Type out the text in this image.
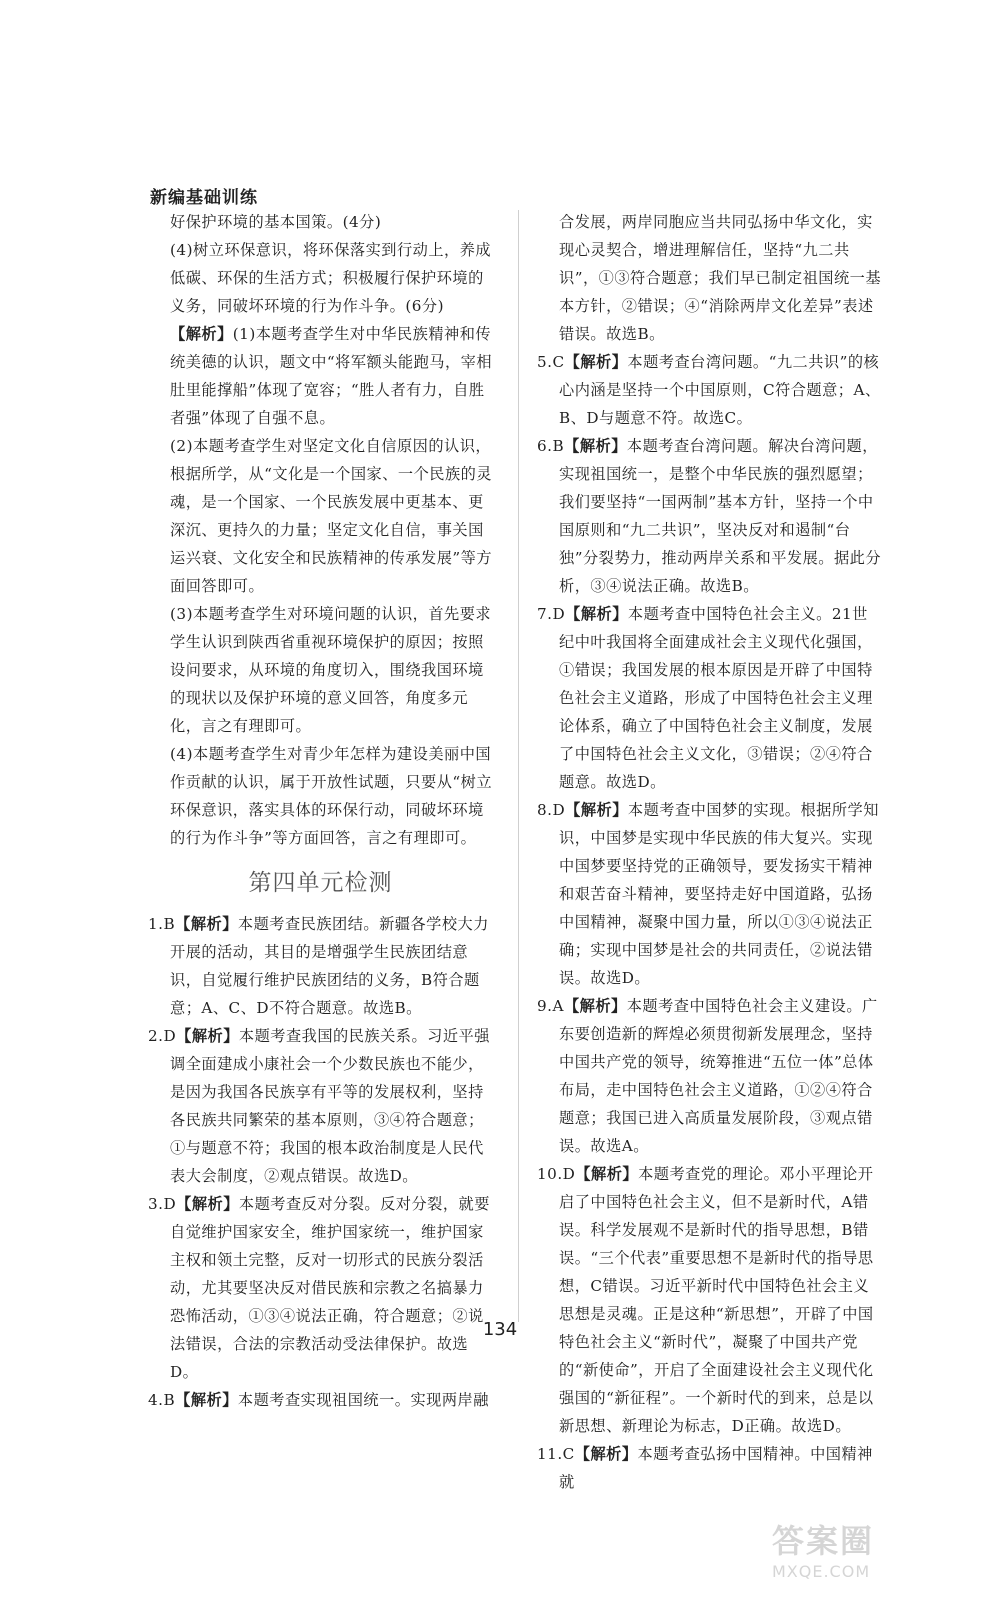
新编基础训练
好保护环境的基本国策。(4分)
(4)树立环保意识，将环保落实到行动上，养成低碳、环保的生活方式；积极履行保护环境的义务，同破坏环境的行为作斗争。(6分)
【 解析 】 (1)本题考查学生对中华民族精神和传统美德的认识，题文中“将军额头能跑马，宰相肚里能撑船”体现了宽容；“胜人者有力，自胜者强”体现了自强不息。
(2)本题考查学生对坚定文化自信原因的认识，根据所学，从“文化是一个国家、一个民族的灵魂，是一个国家、一个民族发展中更基本、更深沉、更持久的力量；坚定文化自信，事关国运兴衰、文化安全和民族精神的传承发展”等方面回答即可。
(3)本题考查学生对环境问题的认识，首先要求学生认识到陕西省重视环境保护的原因；按照设问要求，从环境的角度切入，围绕我国环境的现状以及保护环境的意义回答，角度多元化，言之有理即可。
(4)本题考查学生对青少年怎样为建设美丽中国作贡献的认识，属于开放性试题，只要从“树立环保意识，落实具体的环保行动，同破坏环境的行为作斗争”等方面回答，言之有理即可。
第四单元检测
1.B 【 解析 】 本题考查民族团结。新疆各学校大力开展的活动，其目的是增强学生民族团结意识，自觉履行维护民族团结的义务，B符合题意；A、C、D不符合题意。故选B。
2.D 【 解析 】 本题考查我国的民族关系。习近平强调全面建成小康社会一个少数民族也不能少，是因为我国各民族享有平等的发展权利，坚持各民族共同繁荣的基本原则，③④符合题意；①与题意不符；我国的根本政治制度是人民代表大会制度，②观点错误。故选D。
3.D 【 解析 】 本题考查反对分裂。反对分裂，就要自觉维护国家安全，维护国家统一，维护国家主权和领土完整，反对一切形式的民族分裂活动，尤其要坚决反对借民族和宗教之名搞暴力恐怖活动，①③④说法正确，符合题意；②说法错误，合法的宗教活动受法律保护。故选D。
4.B 【 解析 】 本题考查实现祖国统一。实现两岸融
合发展，两岸同胞应当共同弘扬中华文化，实现心灵契合，增进理解信任，坚持“九二共识”，①③符合题意；我们早已制定祖国统一基本方针，②错误；④“消除两岸文化差异”表述错误。故选B。
5.C 【 解析 】 本题考查台湾问题。“九二共识”的核心内涵是坚持一个中国原则，C符合题意；A、B、D与题意不符。故选C。
6.B 【 解析 】 本题考查台湾问题。解决台湾问题，实现祖国统一，是整个中华民族的强烈愿望；我们要坚持“一国两制”基本方针，坚持一个中国原则和“九二共识”，坚决反对和遏制“台独”分裂势力，推动两岸关系和平发展。据此分析，③④说法正确。故选B。
7.D 【 解析 】 本题考查中国特色社会主义。21世纪中叶我国将全面建成社会主义现代化强国，①错误；我国发展的根本原因是开辟了中国特色社会主义道路，形成了中国特色社会主义理论体系，确立了中国特色社会主义制度，发展了中国特色社会主义文化，③错误；②④符合题意。故选D。
8.D 【 解析 】 本题考查中国梦的实现。根据所学知识，中国梦是实现中华民族的伟大复兴。实现中国梦要坚持党的正确领导，要发扬实干精神和艰苦奋斗精神，要坚持走好中国道路，弘扬中国精神，凝聚中国力量，所以①③④说法正确；实现中国梦是社会的共同责任，②说法错误。故选D。
9.A 【 解析 】 本题考查中国特色社会主义建设。广东要创造新的辉煌必须贯彻新发展理念，坚持中国共产党的领导，统筹推进“五位一体”总体布局，走中国特色社会主义道路，①②④符合题意；我国已进入高质量发展阶段，③观点错误。故选A。
10.D 【 解析 】 本题考查党的理论。邓小平理论开启了中国特色社会主义，但不是新时代，A错误。科学发展观不是新时代的指导思想，B错误。“三个代表”重要思想不是新时代的指导思想，C错误。习近平新时代中国特色社会主义思想是灵魂。正是这种“新思想”，开辟了中国特色社会主义“新时代”，凝聚了中国共产党的“新使命”，开启了全面建设社会主义现代化强国的“新征程”。一个新时代的到来，总是以新思想、新理论为标志，D正确。故选D。
11.C 【 解析 】 本题考查弘扬中国精神。中国精神就
134
答案圈
MXQE.COM
